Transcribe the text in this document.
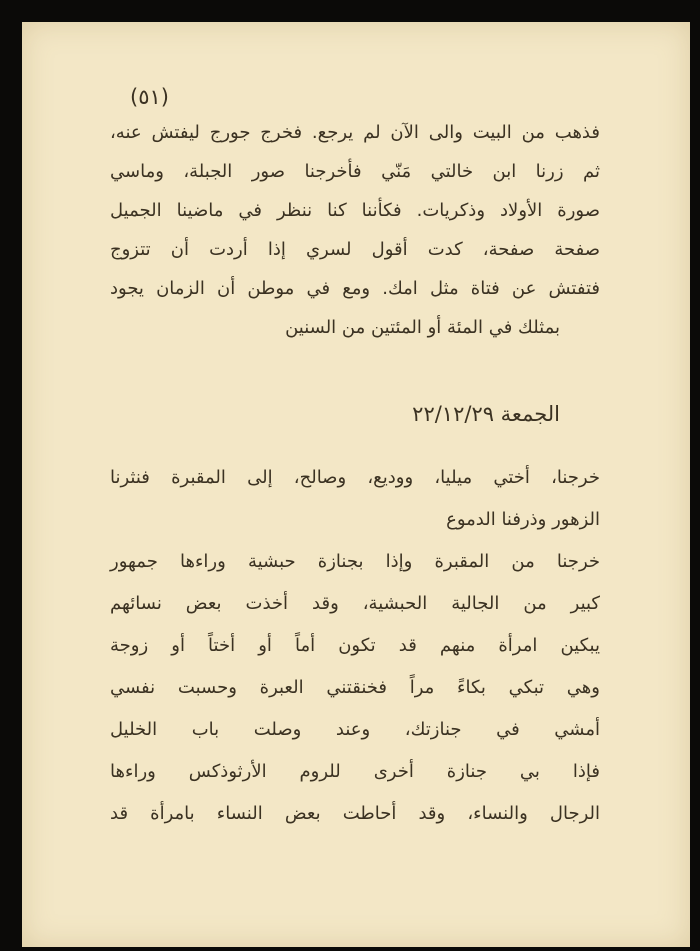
(٥١)
فذهب من البيت والى الآن لم يرجع. فخرج جورج ليفتش عنه،
ثم زرنا ابن خالتي مَنّي فأخرجنا صور الجبلة، وماسي
صورة الأولاد وذكريات. فكأننا كنا ننظر في ماضينا الجميل
صفحة صفحة، كدت أقول لسري إذا أردت أن تتزوج
فتفتش عن فتاة مثل امك. ومع في موطن أن الزمان يجود
بمثلك في المئة أو المئتين من السنين
الجمعة ٢٢/١٢/٢٩
خرجنا، أختي ميليا، ووديع، وصالح، إلى المقبرة فنثرنا
الزهور وذرفنا الدموع
خرجنا من المقبرة وإذا بجنازة حبشية وراءها جمهور
كبير من الجالية الحبشية، وقد أخذت بعض نسائهم
يبكين امرأة منهم قد تكون أماً أو أختاً أو زوجة
وهي تبكي بكاءً مراً فخنقتني العبرة وحسبت نفسي
أمشي في جنازتك، وعند وصلت باب الخليل
فإذا بي جنازة أخرى للروم الأرثوذكس وراءها
الرجال والنساء، وقد أحاطت بعض النساء بامرأة قد
